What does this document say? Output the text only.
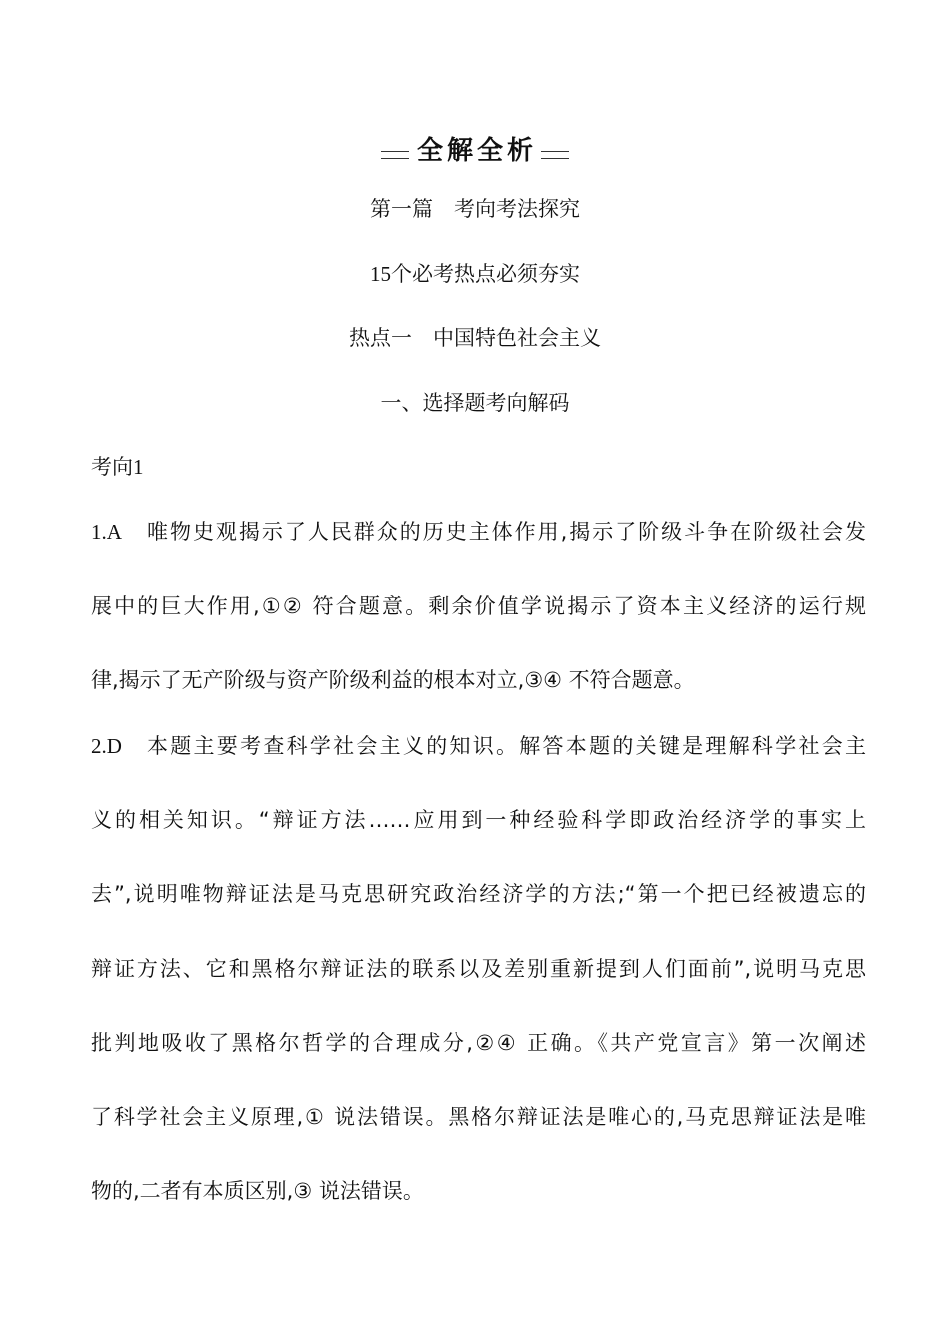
全解全析
第一篇　考向考法探究
15个必考热点必须夯实
热点一　中国特色社会主义
一、选择题考向解码
考向1
1.A	唯物史观揭示了人民群众的历史主体作用,揭示了阶级斗争在阶级社会发
展中的巨大作用,①② 符合题意。剩余价值学说揭示了资本主义经济的运行规
律,揭示了无产阶级与资产阶级利益的根本对立,③④ 不符合题意。
2.D	本题主要考查科学社会主义的知识。解答本题的关键是理解科学社会主
义的相关知识。“辩证方法……应用到一种经验科学即政治经济学的事实上
去”,说明唯物辩证法是马克思研究政治经济学的方法;“第一个把已经被遗忘的
辩证方法、它和黑格尔辩证法的联系以及差别重新提到人们面前”,说明马克思
批判地吸收了黑格尔哲学的合理成分,②④ 正确。《共产党宣言》第一次阐述
了科学社会主义原理,① 说法错误。黑格尔辩证法是唯心的,马克思辩证法是唯
物的,二者有本质区别,③ 说法错误。
